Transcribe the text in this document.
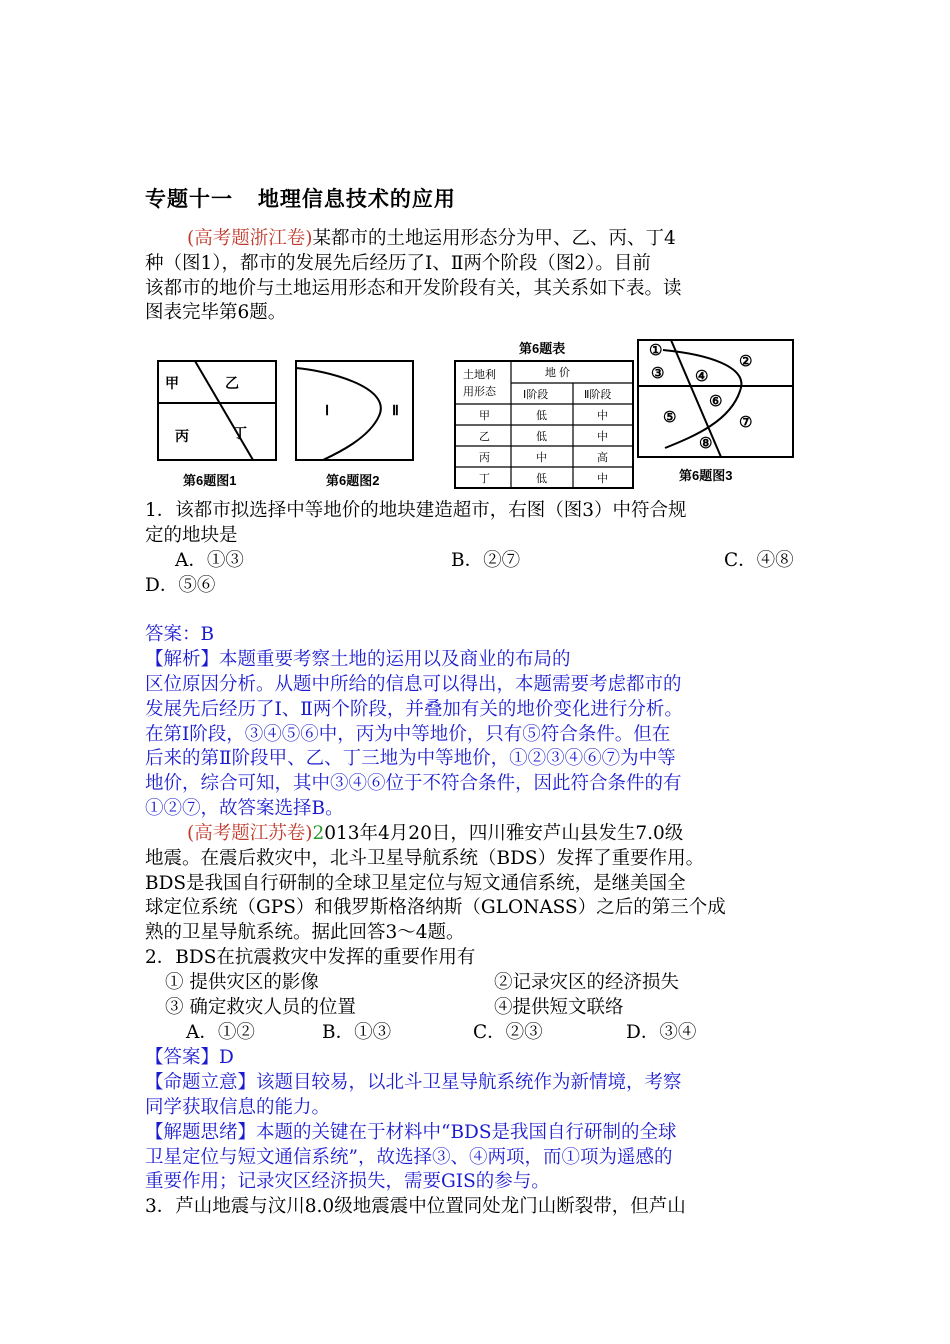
专题十一   地理信息技术的应用
(高考题浙江卷)某都市的土地运用形态分为甲、乙、丙、丁4
种（图1），都市的发展先后经历了Ⅰ、Ⅱ两个阶段（图2）。目前
该都市的地价与土地运用形态和开发阶段有关，其关系如下表。读
图表完毕第6题。
甲	乙
丙	丁
第6题图1
Ⅰ	Ⅱ
第6题图2
第6题表
土地利
用形态
地 价
Ⅰ阶段	Ⅱ阶段
甲	低	中
乙	低	中
丙	中	高
丁	低	中
①
②
③ ④
⑤
⑥
⑦
⑧
第6题图3
1．该都市拟选择中等地价的地块建造超市，右图（图3）中符合规
定的地块是
A．①③	B．②⑦	C．④⑧
D．⑤⑥
答案：B
【解析】本题重要考察土地的运用以及商业的布局的
区位原因分析。从题中所给的信息可以得出，本题需要考虑都市的
发展先后经历了Ⅰ、Ⅱ两个阶段，并叠加有关的地价变化进行分析。
在第Ⅰ阶段，③④⑤⑥中，丙为中等地价，只有⑤符合条件。但在
后来的第Ⅱ阶段甲、乙、丁三地为中等地价，①②③④⑥⑦为中等
地价，综合可知，其中③④⑥位于不符合条件，因此符合条件的有
①②⑦，故答案选择B。
(高考题江苏卷)2013年4月20日，四川雅安芦山县发生7.0级
地震。在震后救灾中，北斗卫星导航系统（BDS）发挥了重要作用。
BDS是我国自行研制的全球卫星定位与短文通信系统，是继美国全
球定位系统（GPS）和俄罗斯格洛纳斯（GLONASS）之后的第三个成
熟的卫星导航系统。据此回答3～4题。
2．BDS在抗震救灾中发挥的重要作用有
① 提供灾区的影像	②记录灾区的经济损失
③ 确定救灾人员的位置	④提供短文联络
A．①②	B．①③	C．②③	D．③④
【答案】D
【命题立意】该题目较易，以北斗卫星导航系统作为新情境，考察
同学获取信息的能力。
【解题思绪】本题的关键在于材料中“BDS是我国自行研制的全球
卫星定位与短文通信系统”，故选择③、④两项，而①项为遥感的
重要作用；记录灾区经济损失，需要GIS的参与。
3．芦山地震与汶川8.0级地震震中位置同处龙门山断裂带，但芦山
